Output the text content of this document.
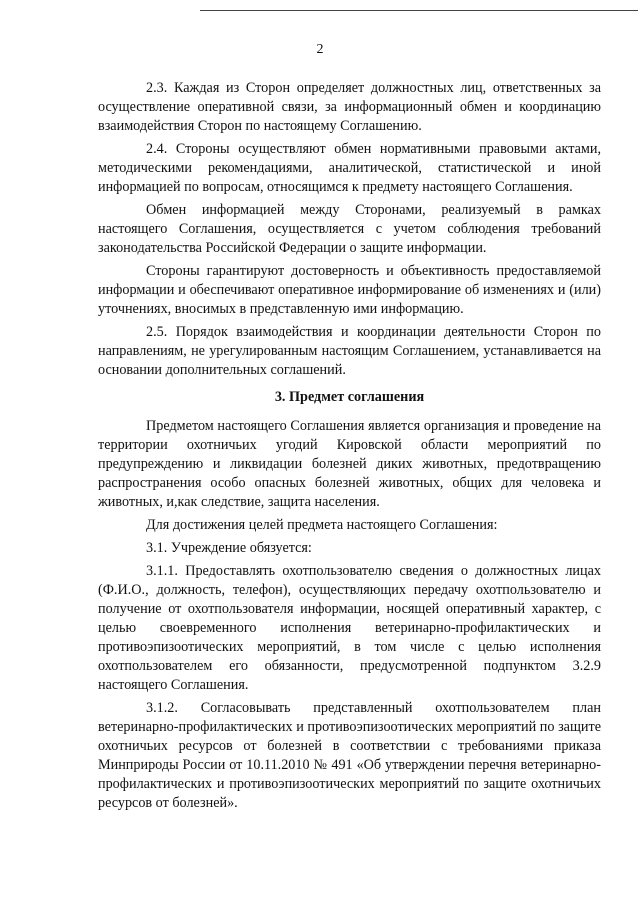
2

2.3. Каждая из Сторон определяет должностных лиц, ответственных за осуществление оперативной связи, за информационный обмен и координацию взаимодействия Сторон по настоящему Соглашению.

2.4. Стороны осуществляют обмен нормативными правовыми актами, методическими рекомендациями, аналитической, статистической и иной информацией по вопросам, относящимся к предмету настоящего Соглашения.

Обмен информацией между Сторонами, реализуемый в рамках настоящего Соглашения, осуществляется с учетом соблюдения требований законодательства Российской Федерации о защите информации.

Стороны гарантируют достоверность и объективность предоставляемой информации и обеспечивают оперативное информирование об изменениях и (или) уточнениях, вносимых в представленную ими информацию.

2.5. Порядок взаимодействия и координации деятельности Сторон по направлениям, не урегулированным настоящим Соглашением, устанавливается на основании дополнительных соглашений.

3. Предмет соглашения

Предметом настоящего Соглашения является организация и проведение на территории охотничьих угодий Кировской области мероприятий по предупреждению и ликвидации болезней диких животных, предотвращению распространения особо опасных болезней животных, общих для человека и животных, и,как следствие, защита населения.

Для достижения целей предмета настоящего Соглашения:

3.1. Учреждение обязуется:

3.1.1. Предоставлять охотпользователю сведения о должностных лицах (Ф.И.О., должность, телефон), осуществляющих передачу охотпользователю и получение от охотпользователя информации, носящей оперативный характер, с целью своевременного исполнения ветеринарно-профилактических и противоэпизоотических мероприятий, в том числе с целью исполнения охотпользователем его обязанности, предусмотренной подпунктом 3.2.9 настоящего Соглашения.

3.1.2. Согласовывать представленный охотпользователем план ветеринарно-профилактических и противоэпизоотических мероприятий по защите охотничьих ресурсов от болезней в соответствии с требованиями приказа Минприроды России от 10.11.2010 № 491 «Об утверждении перечня ветеринарно-профилактических и противоэпизоотических мероприятий по защите охотничьих ресурсов от болезней».
